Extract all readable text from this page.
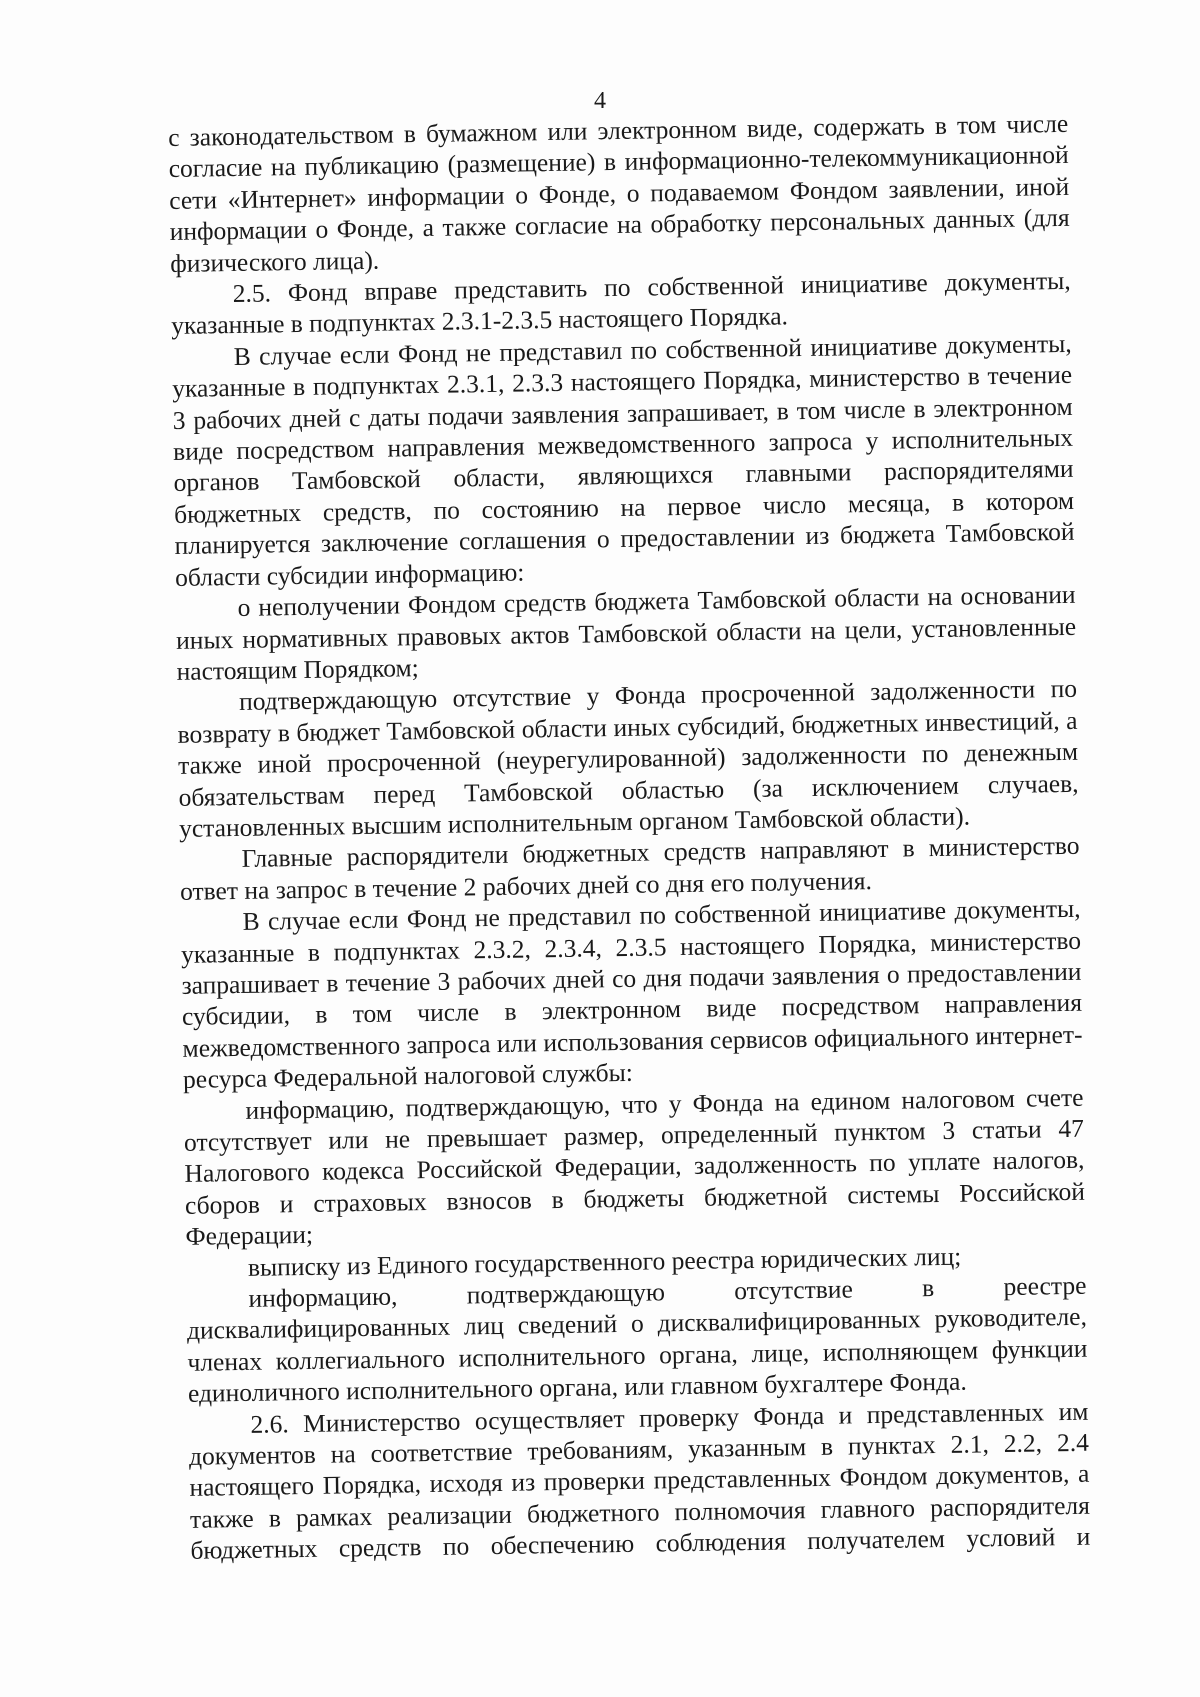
4

с законодательством в бумажном или электронном виде, содержать в том числе согласие на публикацию (размещение) в информационно-телекоммуникационной сети «Интернет» информации о Фонде, о подаваемом Фондом заявлении, иной информации о Фонде, а также согласие на обработку персональных данных (для физического лица).

2.5. Фонд вправе представить по собственной инициативе документы, указанные в подпунктах 2.3.1-2.3.5 настоящего Порядка.

В случае если Фонд не представил по собственной инициативе документы, указанные в подпунктах 2.3.1, 2.3.3 настоящего Порядка, министерство в течение 3 рабочих дней с даты подачи заявления запрашивает, в том числе в электронном виде посредством направления межведомственного запроса у исполнительных органов Тамбовской области, являющихся главными распорядителями бюджетных средств, по состоянию на первое число месяца, в котором планируется заключение соглашения о предоставлении из бюджета Тамбовской области субсидии информацию:

о неполучении Фондом средств бюджета Тамбовской области на основании иных нормативных правовых актов Тамбовской области на цели, установленные настоящим Порядком;

подтверждающую отсутствие у Фонда просроченной задолженности по возврату в бюджет Тамбовской области иных субсидий, бюджетных инвестиций, а также иной просроченной (неурегулированной) задолженности по денежным обязательствам перед Тамбовской областью (за исключением случаев, установленных высшим исполнительным органом Тамбовской области).

Главные распорядители бюджетных средств направляют в министерство ответ на запрос в течение 2 рабочих дней со дня его получения.

В случае если Фонд не представил по собственной инициативе документы, указанные в подпунктах 2.3.2, 2.3.4, 2.3.5 настоящего Порядка, министерство запрашивает в течение 3 рабочих дней со дня подачи заявления о предоставлении субсидии, в том числе в электронном виде посредством направления межведомственного запроса или использования сервисов официального интернет-ресурса Федеральной налоговой службы:

информацию, подтверждающую, что у Фонда на едином налоговом счете отсутствует или не превышает размер, определенный пунктом 3 статьи 47 Налогового кодекса Российской Федерации, задолженность по уплате налогов, сборов и страховых взносов в бюджеты бюджетной системы Российской Федерации;

выписку из Единого государственного реестра юридических лиц;

информацию, подтверждающую отсутствие в реестре дисквалифицированных лиц сведений о дисквалифицированных руководителе, членах коллегиального исполнительного органа, лице, исполняющем функции единоличного исполнительного органа, или главном бухгалтере Фонда.

2.6. Министерство осуществляет проверку Фонда и представленных им документов на соответствие требованиям, указанным в пунктах 2.1, 2.2, 2.4 настоящего Порядка, исходя из проверки представленных Фондом документов, а также в рамках реализации бюджетного полномочия главного распорядителя бюджетных средств по обеспечению соблюдения получателем условий и
